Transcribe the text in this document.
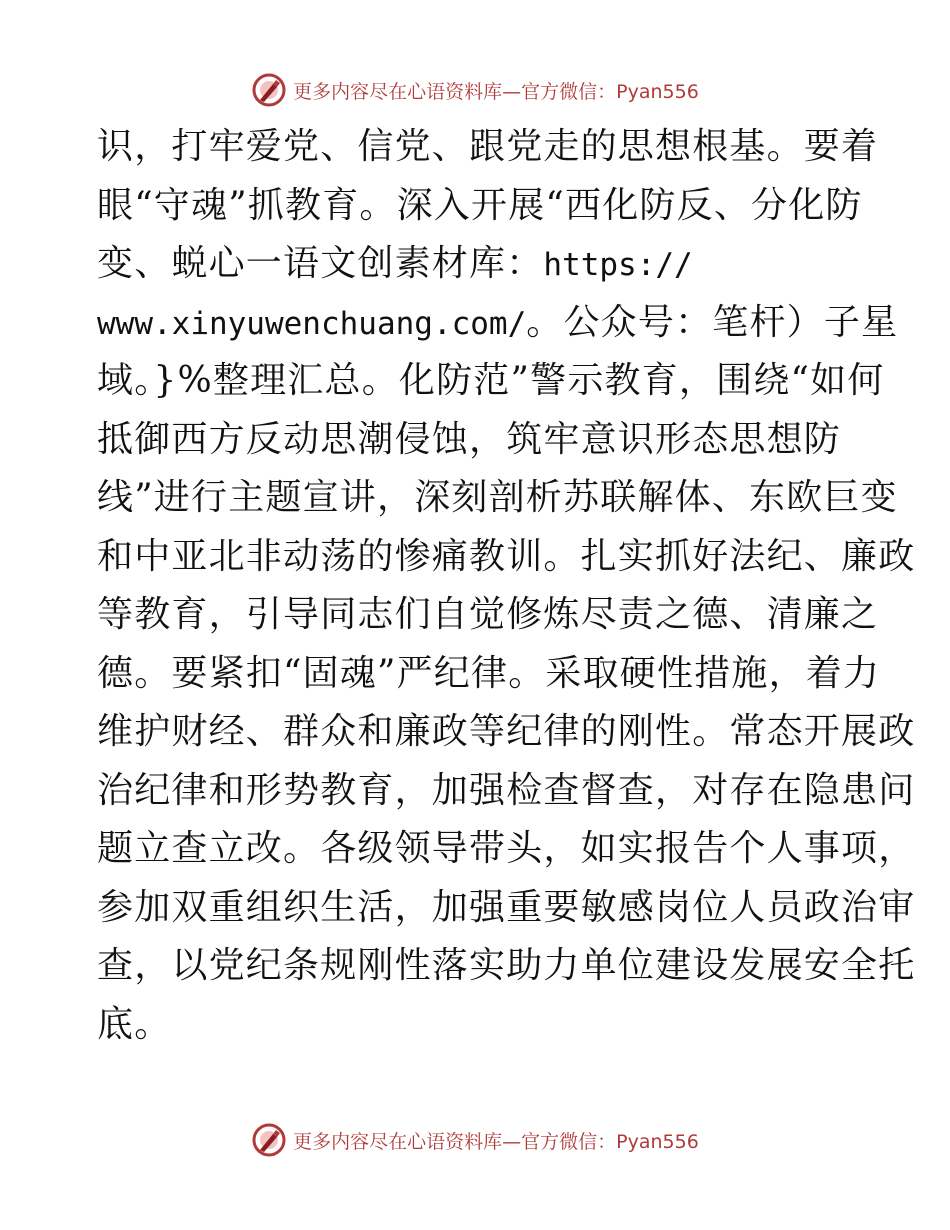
更多内容尽在心语资料库—官方微信：Pyan556
识，打牢爱党、信党、跟党走的思想根基。要着
眼“守魂”抓教育。深入开展“西化防反、分化防
变、蜕心一语文创素材库：https://
www.xinyuwenchuang.com/。公众号：笔杆）子星
域。}%整理汇总。化防范”警示教育，围绕“如何
抵御西方反动思潮侵蚀，筑牢意识形态思想防
线”进行主题宣讲，深刻剖析苏联解体、东欧巨变
和中亚北非动荡的惨痛教训。扎实抓好法纪、廉政
等教育，引导同志们自觉修炼尽责之德、清廉之
德。要紧扣“固魂”严纪律。采取硬性措施，着力
维护财经、群众和廉政等纪律的刚性。常态开展政
治纪律和形势教育，加强检查督查，对存在隐患问
题立查立改。各级领导带头，如实报告个人事项，
参加双重组织生活，加强重要敏感岗位人员政治审
查，以党纪条规刚性落实助力单位建设发展安全托
底。
更多内容尽在心语资料库—官方微信：Pyan556
